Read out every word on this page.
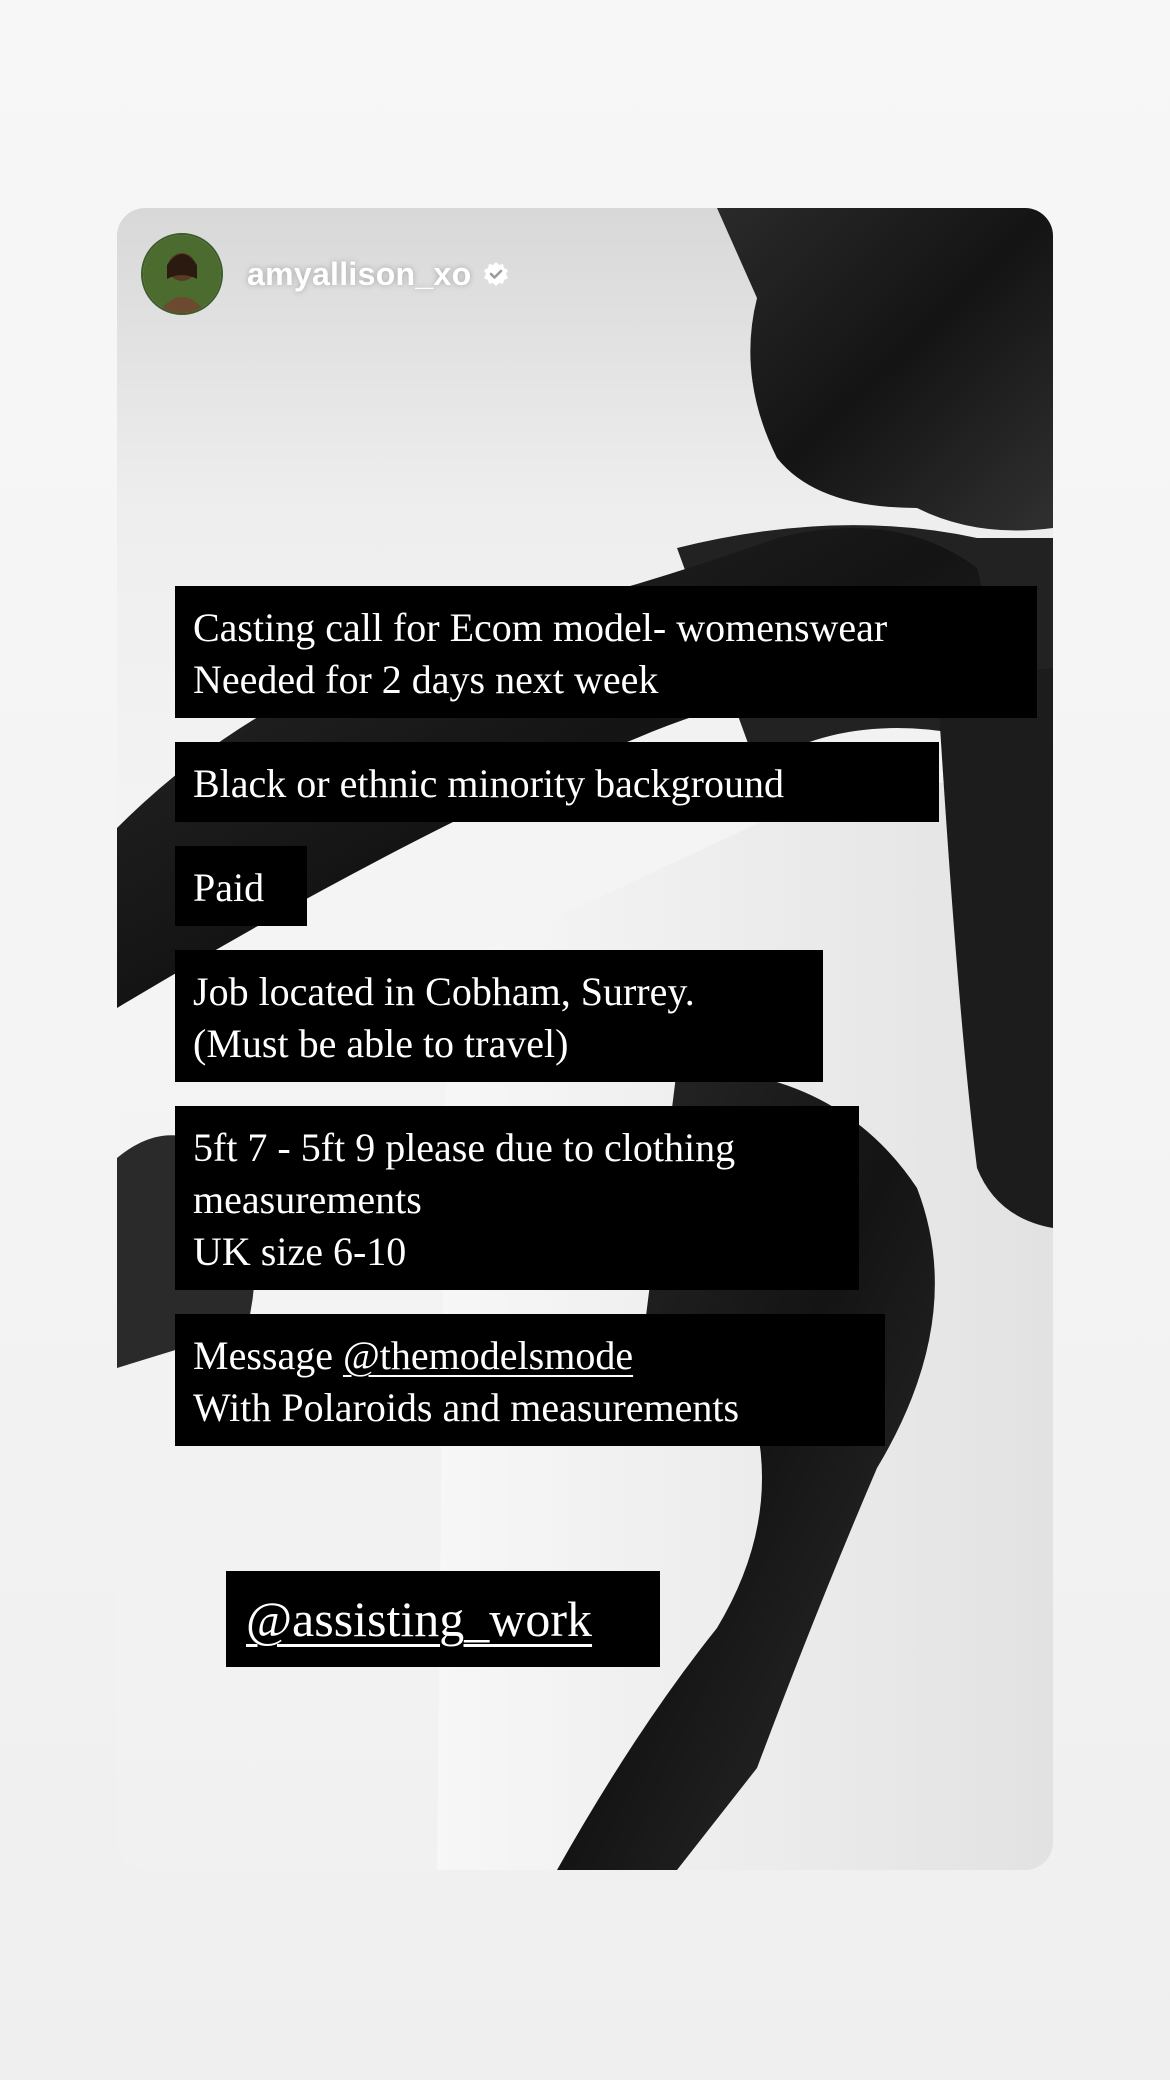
amyallison_xo
Casting call for Ecom model- womenswear
Needed for 2 days next week
Black or ethnic minority background
Paid
Job located in Cobham, Surrey.
(Must be able to travel)
5ft 7 - 5ft 9 please due to clothing
measurements
UK size 6-10
Message @themodelsmode
With Polaroids and measurements
@assisting_work
